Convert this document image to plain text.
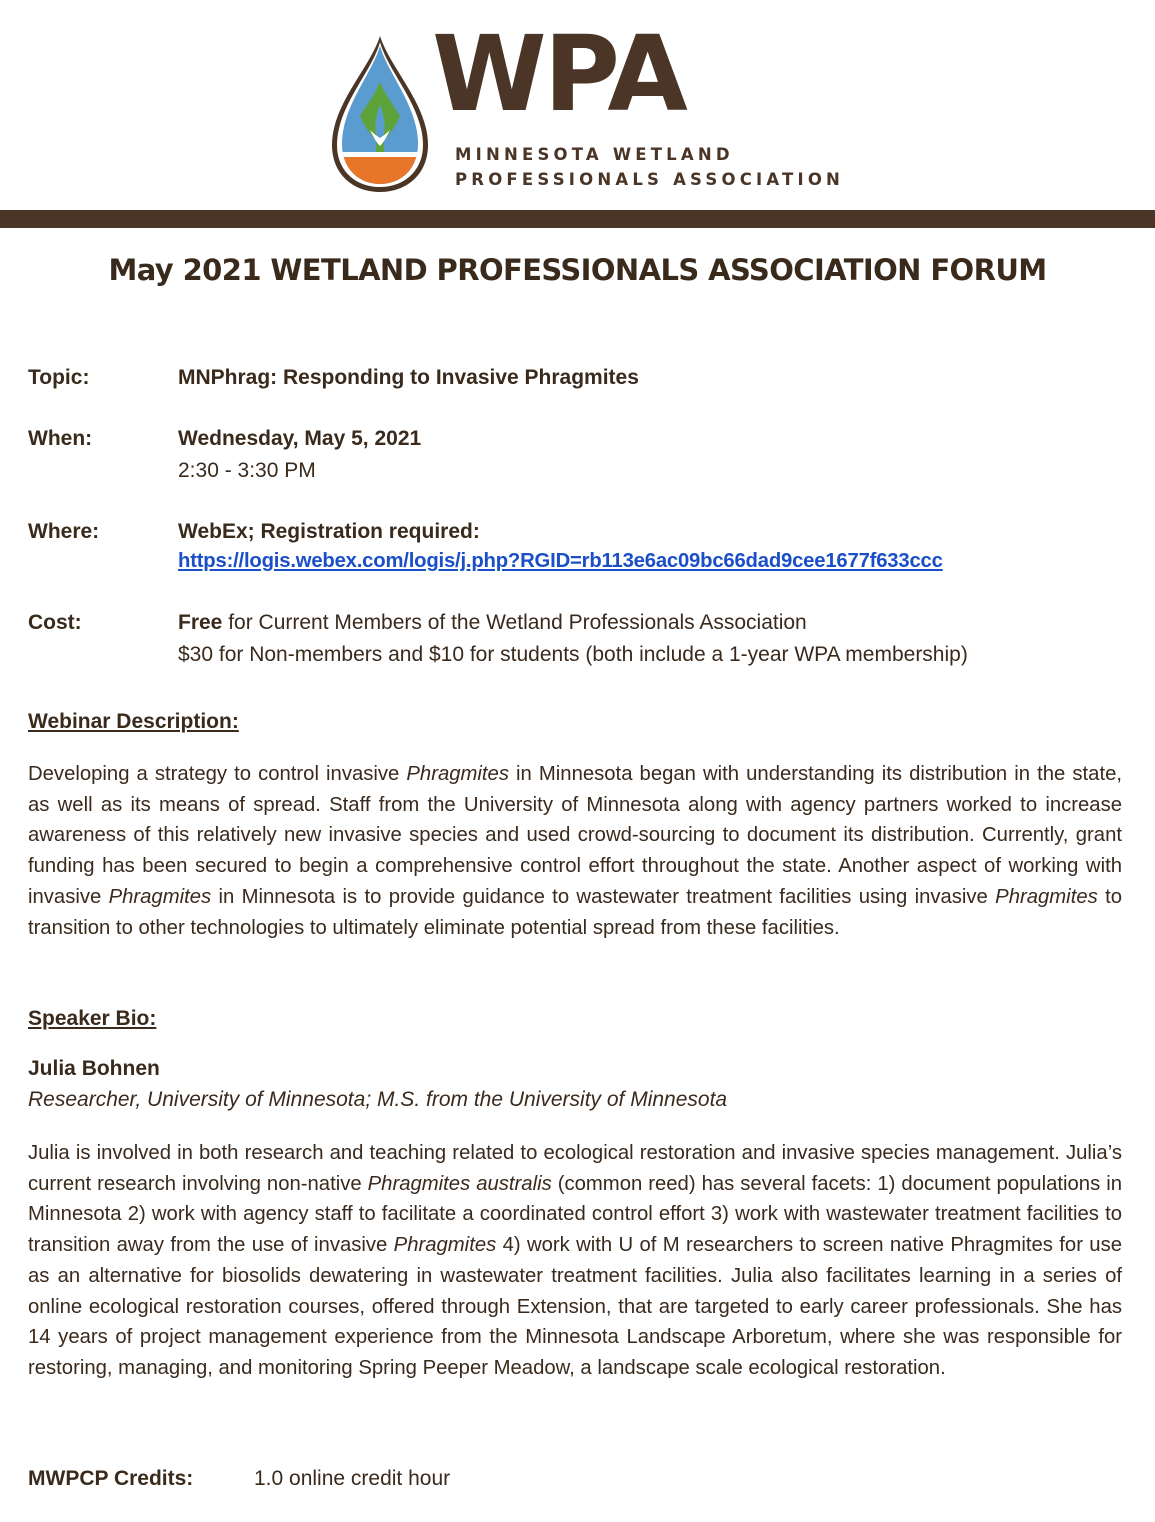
WPA
MINNESOTA WETLAND
PROFESSIONALS ASSOCIATION
May 2021 WETLAND PROFESSIONALS ASSOCIATION FORUM
Topic:	MNPhrag: Responding to Invasive Phragmites
When:	Wednesday, May 5, 2021
2:30 - 3:30 PM
Where:	WebEx; Registration required:
https://logis.webex.com/logis/j.php?RGID=rb113e6ac09bc66dad9cee1677f633ccc
Cost:	Free for Current Members of the Wetland Professionals Association
$30 for Non-members and $10 for students (both include a 1-year WPA membership)
Webinar Description:
Developing a strategy to control invasive Phragmites in Minnesota began with understanding its distribution in the state, as well as its means of spread. Staff from the University of Minnesota along with agency partners worked to increase awareness of this relatively new invasive species and used crowd-sourcing to document its distribution. Currently, grant funding has been secured to begin a comprehensive control effort throughout the state. Another aspect of working with invasive Phragmites in Minnesota is to provide guidance to wastewater treatment facilities using invasive Phragmites to transition to other technologies to ultimately eliminate potential spread from these facilities.
Speaker Bio:
Julia Bohnen
Researcher, University of Minnesota; M.S. from the University of Minnesota
Julia is involved in both research and teaching related to ecological restoration and invasive species management. Julia’s current research involving non-native Phragmites australis (common reed) has several facets: 1) document populations in Minnesota 2) work with agency staff to facilitate a coordinated control effort 3) work with wastewater treatment facilities to transition away from the use of invasive Phragmites 4) work with U of M researchers to screen native Phragmites for use as an alternative for biosolids dewatering in wastewater treatment facilities. Julia also facilitates learning in a series of online ecological restoration courses, offered through Extension, that are targeted to early career professionals. She has 14 years of project management experience from the Minnesota Landscape Arboretum, where she was responsible for restoring, managing, and monitoring Spring Peeper Meadow, a landscape scale ecological restoration.
MWPCP Credits:	1.0 online credit hour
